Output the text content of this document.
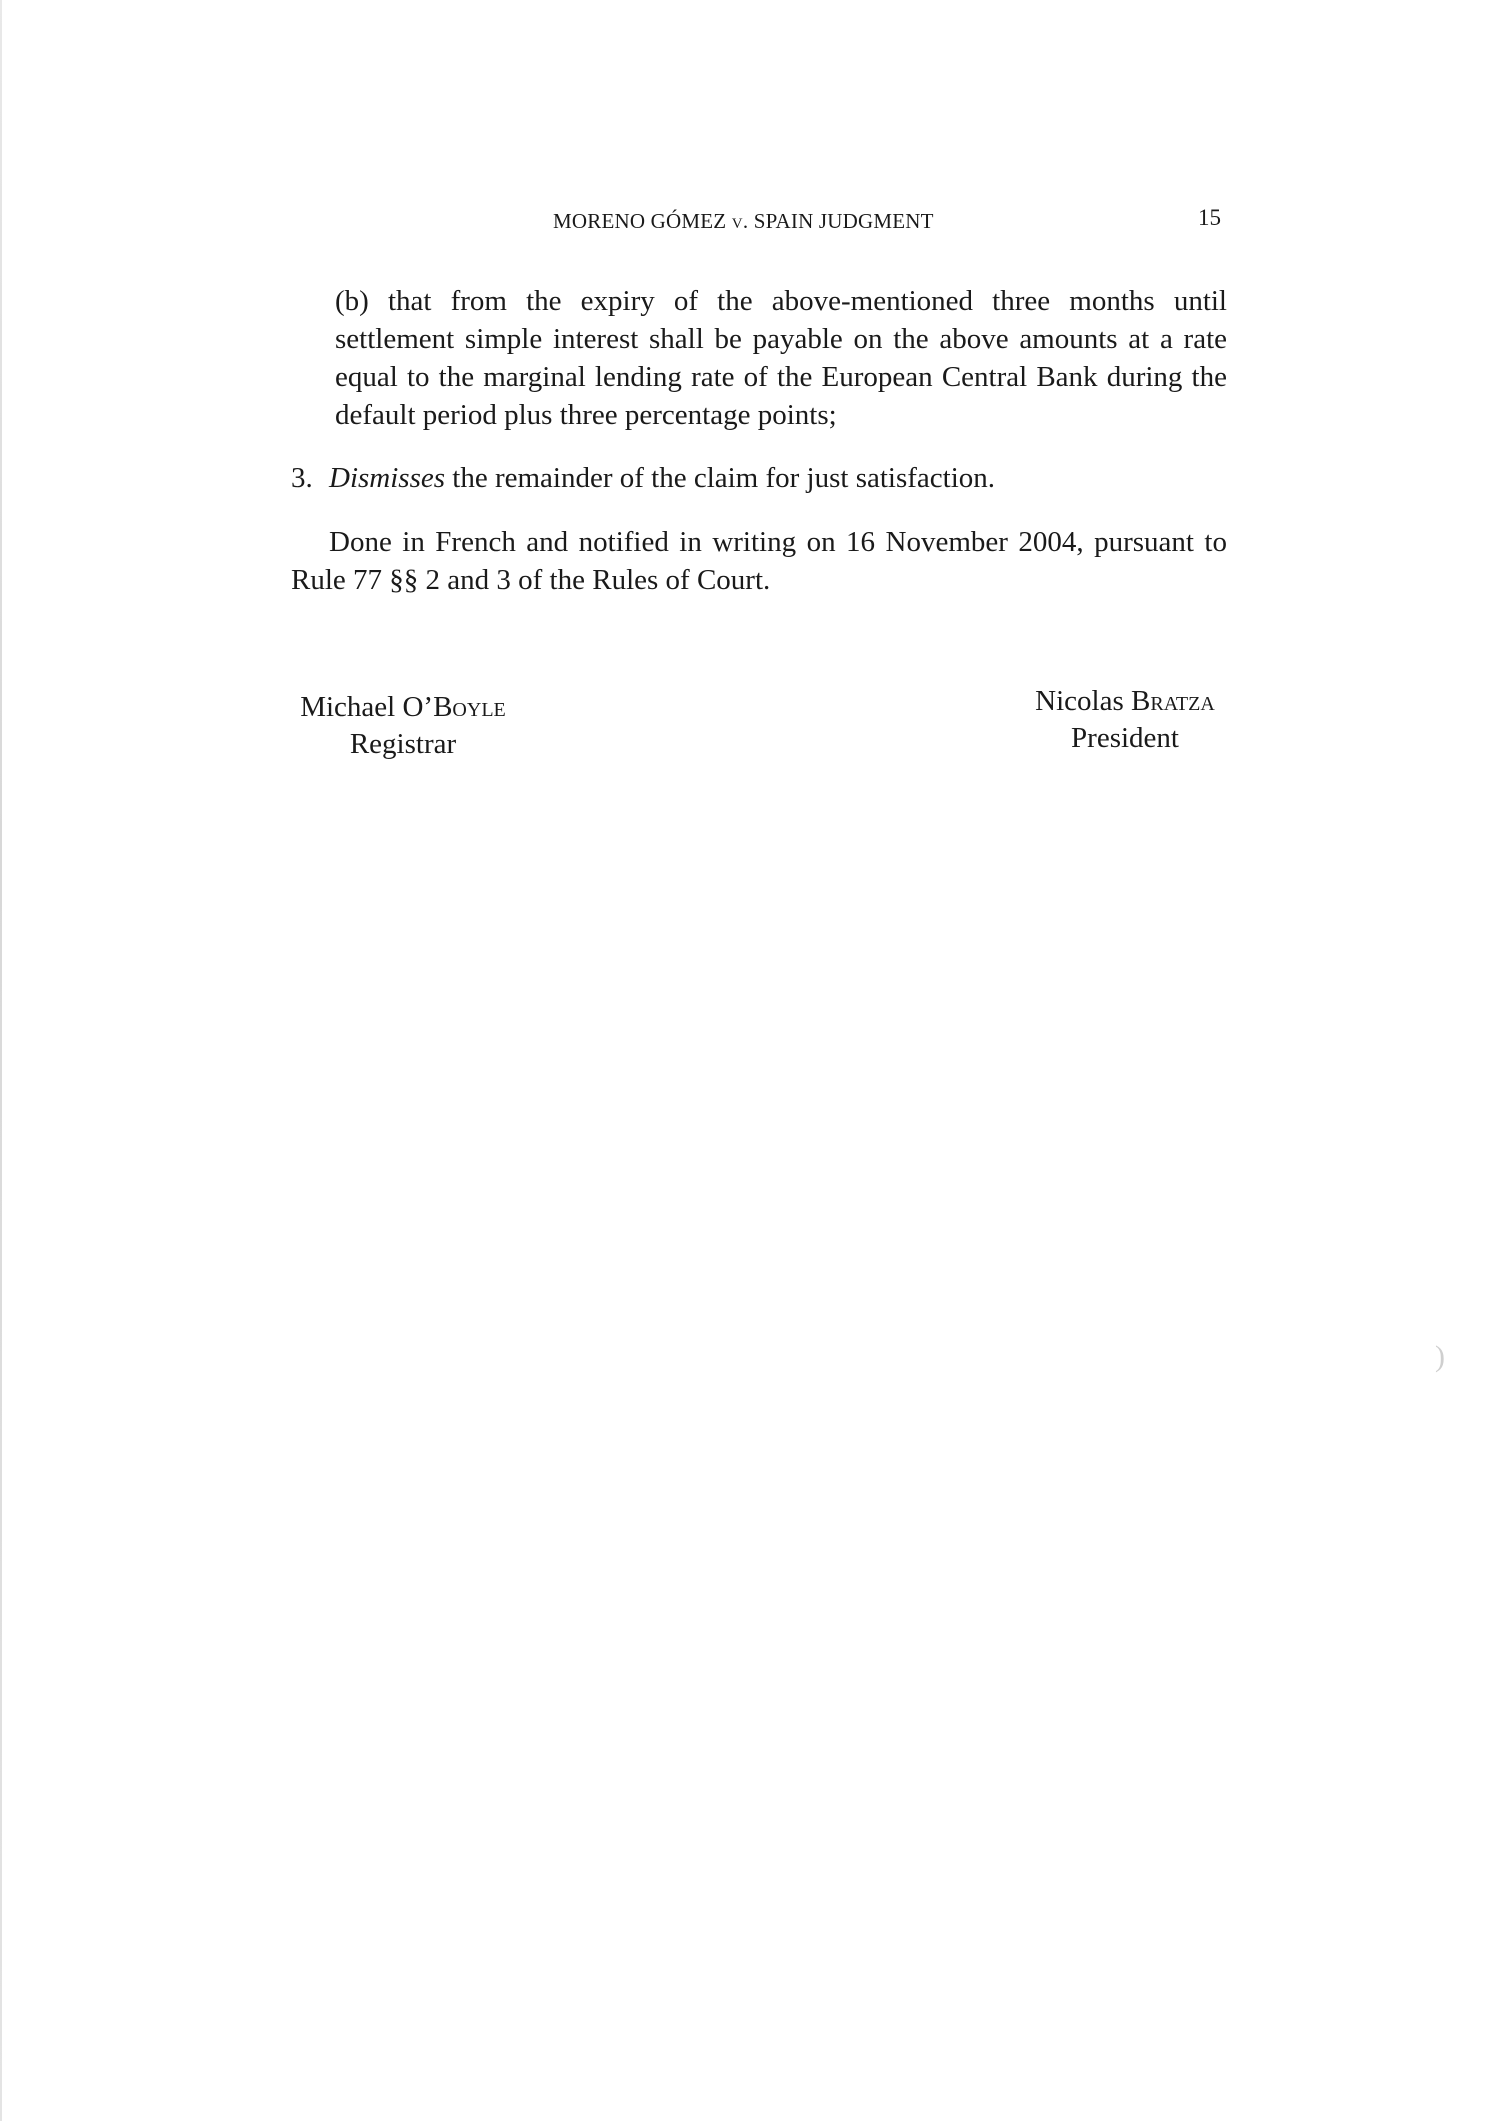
MORENO GÓMEZ v. SPAIN JUDGMENT	15
(b) that from the expiry of the above-mentioned three months until settlement simple interest shall be payable on the above amounts at a rate equal to the marginal lending rate of the European Central Bank during the default period plus three percentage points;
3. Dismisses the remainder of the claim for just satisfaction.
Done in French and notified in writing on 16 November 2004, pursuant to Rule 77 §§ 2 and 3 of the Rules of Court.
Michael O’Boyle
Registrar
Nicolas Bratza
President
)
